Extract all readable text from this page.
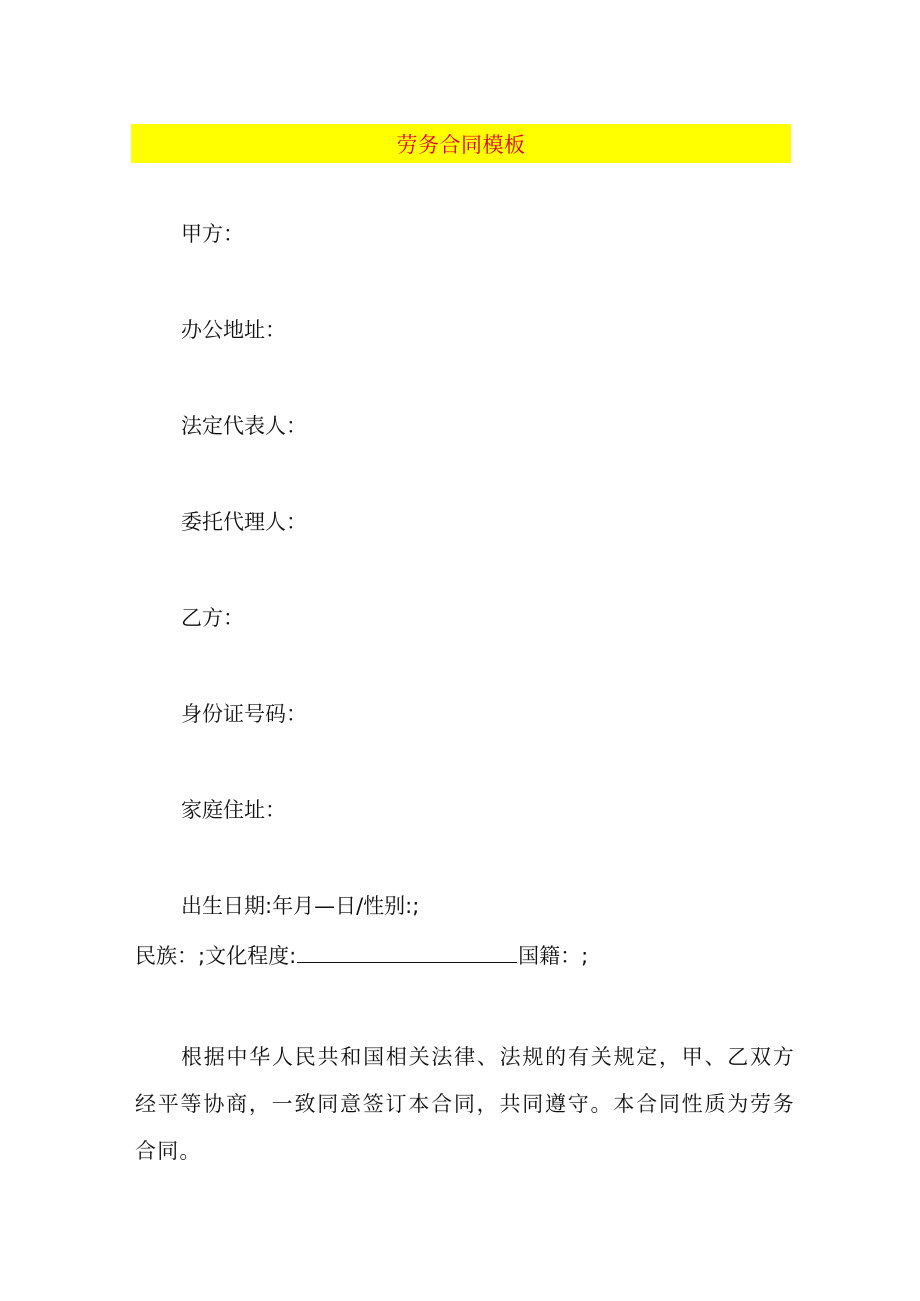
劳务合同模板
甲方：
办公地址：
法定代表人：
委托代理人：
乙方：
身份证号码：
家庭住址：
出生日期:年月—日/性别:;
民族：;文化程度:	国籍：;
根据中华人民共和国相关法律、法规的有关规定，甲、乙双方经平等协商，一致同意签订本合同，共同遵守。本合同性质为劳务合同。
